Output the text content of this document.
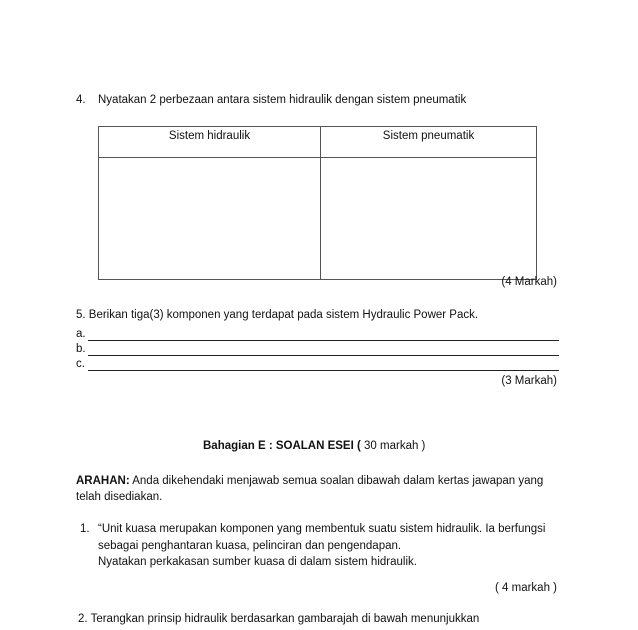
4. Nyatakan 2 perbezaan antara sistem hidraulik dengan sistem pneumatik
Sistem hidraulik	Sistem pneumatik

(4 Markah)
5. Berikan tiga(3) komponen yang terdapat pada sistem Hydraulic Power Pack.
a.
b.
c.
(3 Markah)
Bahagian E : SOALAN ESEI ( 30 markah )
ARAHAN: Anda dikehendaki menjawab semua soalan dibawah dalam kertas jawapan yang
telah disediakan.
1. “Unit kuasa merupakan komponen yang membentuk suatu sistem hidraulik. Ia berfungsi
sebagai penghantaran kuasa, pelinciran dan pengendapan.
Nyatakan perkakasan sumber kuasa di dalam sistem hidraulik.
( 4 markah )
2. Terangkan prinsip hidraulik berdasarkan gambarajah di bawah menunjukkan
